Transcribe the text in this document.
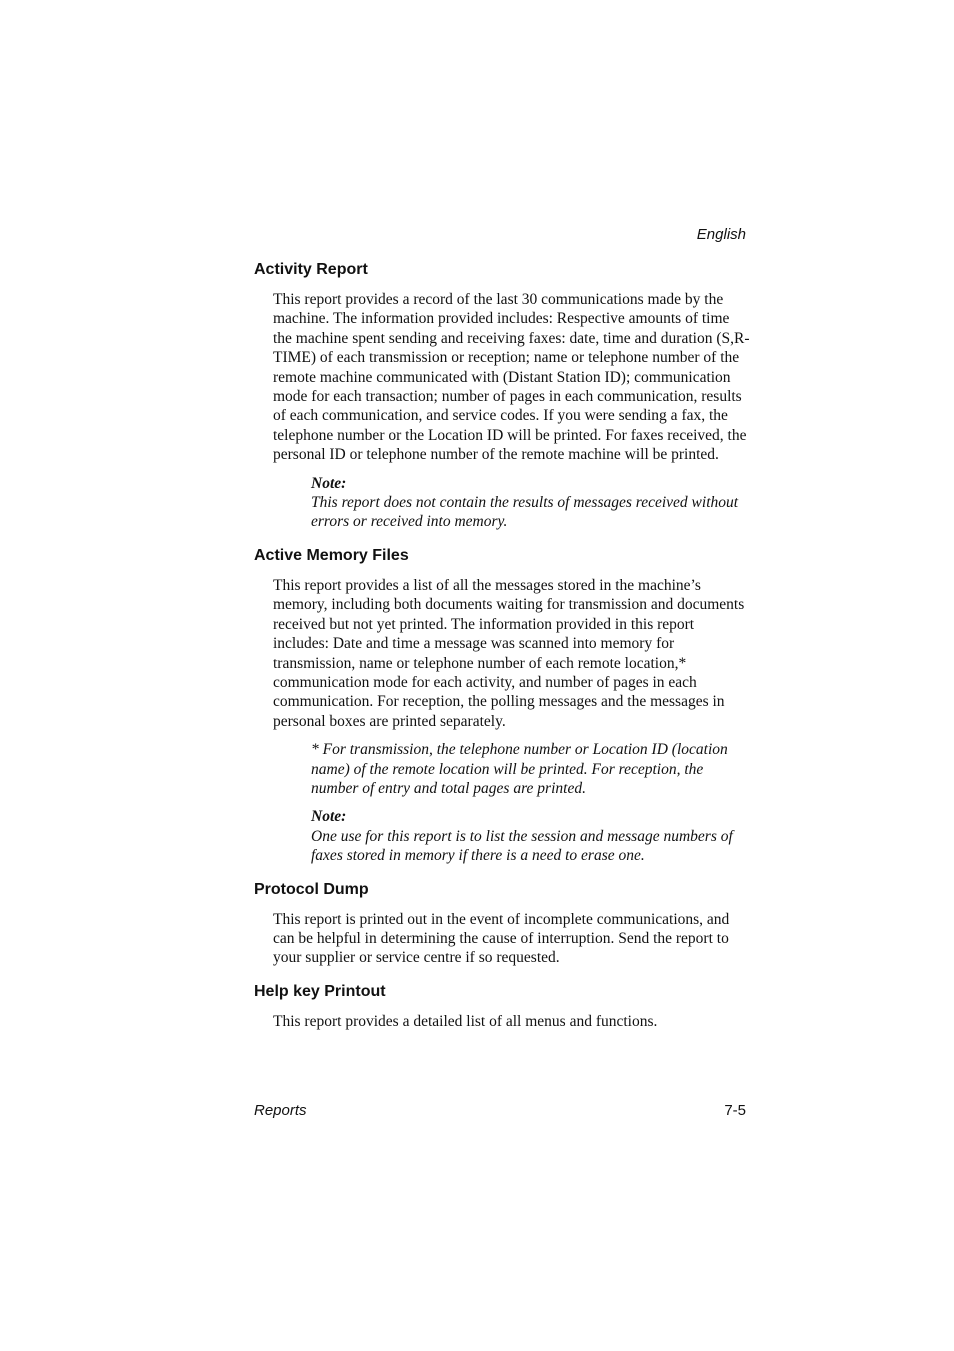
English
Activity Report

This report provides a record of the last 30 communications made by the machine. The information provided includes: Respective amounts of time the machine spent sending and receiving faxes: date, time and duration (S,R-TIME) of each transmission or reception; name or telephone number of the remote machine communicated with (Distant Station ID); communication mode for each transaction; number of pages in each communication, results of each communication, and service codes. If you were sending a fax, the telephone number or the Location ID will be printed. For faxes received, the personal ID or telephone number of the remote machine will be printed.

Note:
This report does not contain the results of messages received without errors or received into memory.
Active Memory Files

This report provides a list of all the messages stored in the machine’s memory, including both documents waiting for transmission and documents received but not yet printed. The information provided in this report includes: Date and time a message was scanned into memory for transmission, name or telephone number of each remote location,* communication mode for each activity, and number of pages in each communication. For reception, the polling messages and the messages in personal boxes are printed separately.

* For transmission, the telephone number or Location ID (location name) of the remote location will be printed. For reception, the number of entry and total pages are printed.
Note:
One use for this report is to list the session and message numbers of faxes stored in memory if there is a need to erase one.
Protocol Dump

This report is printed out in the event of incomplete communications, and can be helpful in determining the cause of interruption. Send the report to your supplier or service centre if so requested.

Help key Printout

This report provides a detailed list of all menus and functions.

Reports	7-5
